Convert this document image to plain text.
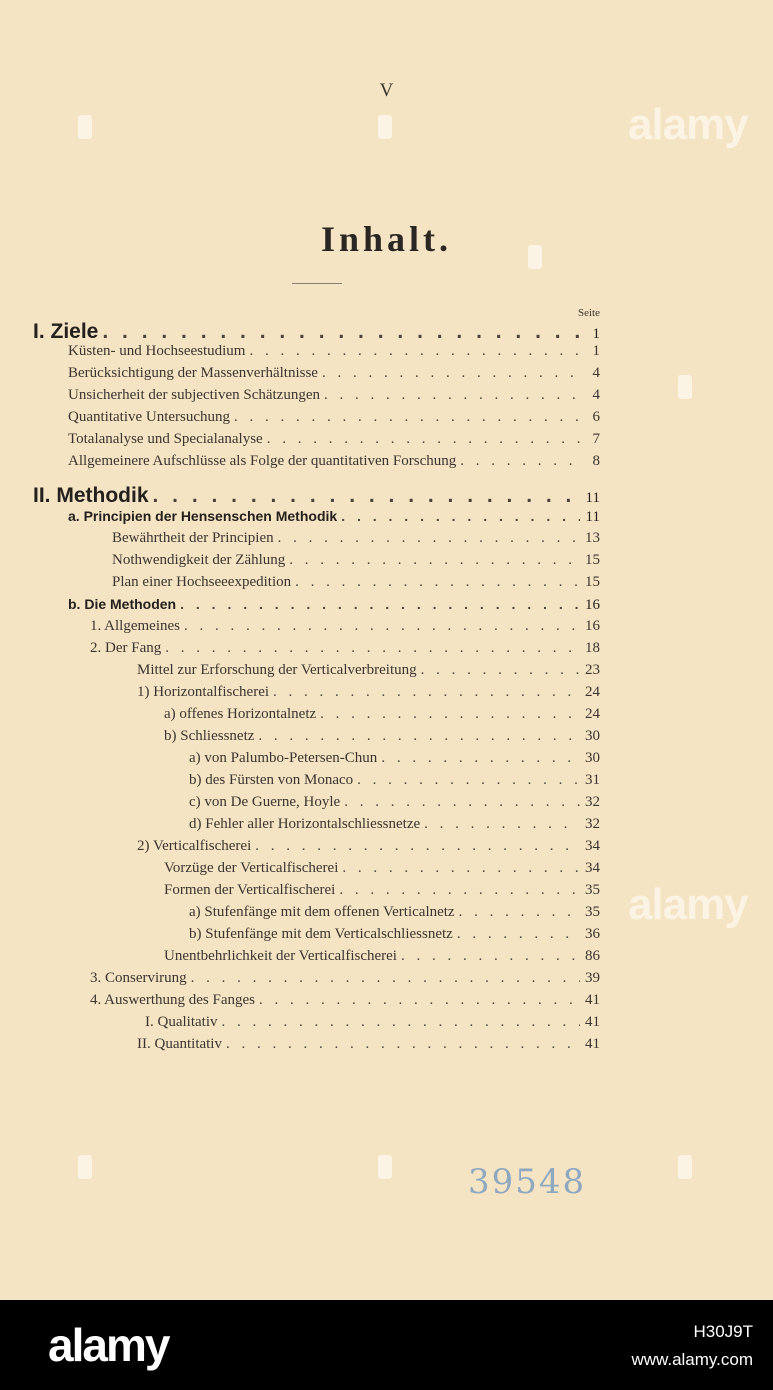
V
Inhalt.
Seite
I. Ziele . . .	1
Küsten- und Hochseestudium . . .	1
Berücksichtigung der Massenverhältnisse . . .	4
Unsicherheit der subjectiven Schätzungen . . .	4
Quantitative Untersuchung . . .	6
Totalanalyse und Specialanalyse . . .	7
Allgemeinere Aufschlüsse als Folge der quantitativen Forschung . . .	8
II. Methodik . . .	11
a. Principien der Hensenschen Methodik . . .	11
Bewährtheit der Principien . . .	13
Nothwendigkeit der Zählung . . .	15
Plan einer Hochseeexpedition . . .	15
b. Die Methoden . . .	16
1. Allgemeines . . .	16
2. Der Fang . . .	18
Mittel zur Erforschung der Verticalverbreitung . . .	23
1) Horizontalfischerei . . .	24
a) offenes Horizontalnetz . . .	24
b) Schliessnetz . . .	30
a) von Palumbo-Petersen-Chun . . .	30
b) des Fürsten von Monaco . . .	31
c) von De Guerne, Hoyle . . .	32
d) Fehler aller Horizontalschliessnetze . . .	32
2) Verticalfischerei . . .	34
Vorzüge der Verticalfischerei . . .	34
Formen der Verticalfischerei . . .	35
a) Stufenfänge mit dem offenen Verticalnetz . . .	35
b) Stufenfänge mit dem Verticalschliessnetz . . .	36
Unentbehrlichkeit der Verticalfischerei . . .	86
3. Conservirung . . .	39
4. Auswerthung des Fanges . . .	41
I. Qualitativ . . .	41
II. Quantitativ . . .	41
39548
alamy
alamy
alamy	H30J9T
www.alamy.com
